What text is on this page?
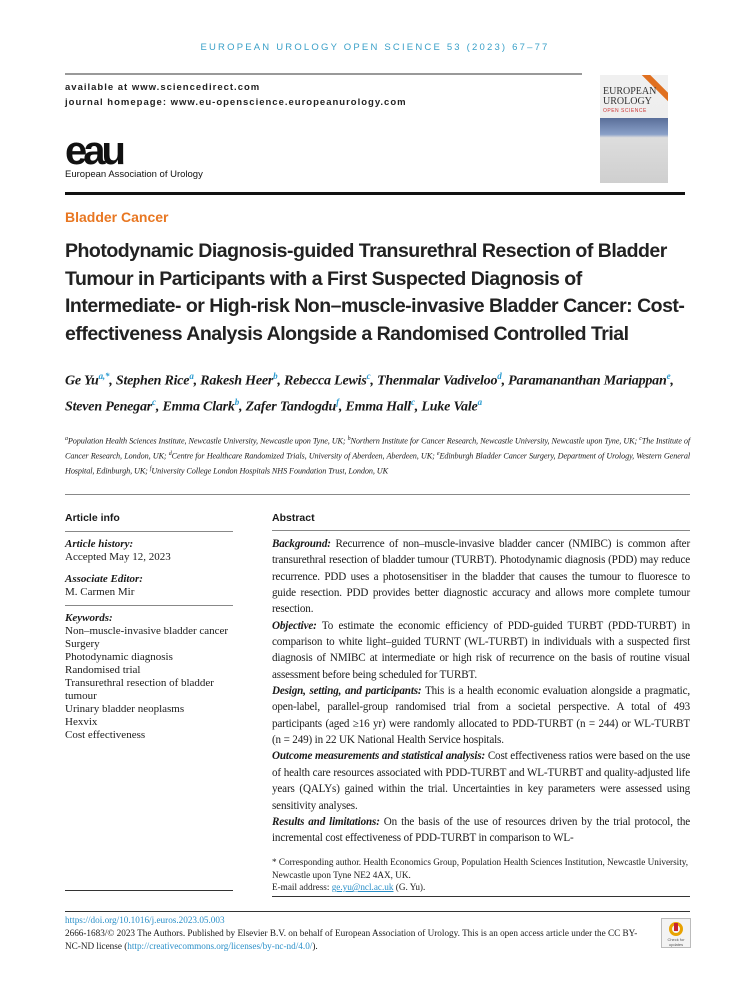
EUROPEAN UROLOGY OPEN SCIENCE 53 (2023) 67–77
available at www.sciencedirect.com
journal homepage: www.eu-openscience.europeanurology.com
eau
European Association of Urology
EUROPEAN UROLOGY
OPEN SCIENCE
Bladder Cancer
Photodynamic Diagnosis-guided Transurethral Resection of Bladder Tumour in Participants with a First Suspected Diagnosis of Intermediate- or High-risk Non–muscle-invasive Bladder Cancer: Cost-effectiveness Analysis Alongside a Randomised Controlled Trial
Ge $Yu^{a,*}$, Stephen Rice$^a$, Rakesh Heer$^b$, Rebecca Lewis$^c$, Thenmalar Vadiveloo$^d$, Paramananthan Mariappan$^e$, Steven Penegar$^c$, Emma Clark$^b$, Zafer Tandogdu$^f$, Emma Hall$^c$, Luke Vale$^a$
$^a$Population Health Sciences Institute, Newcastle University, Newcastle upon Tyne, UK; $^b$Northern Institute for Cancer Research, Newcastle University, Newcastle upon Tyne, UK; $^c$The Institute of Cancer Research, London, UK; $^d$Centre for Healthcare Randomized Trials, University of Aberdeen, Aberdeen, UK; $^e$Edinburgh Bladder Cancer Surgery, Department of Urology, Western General Hospital, Edinburgh, UK; $^f$University College London Hospitals NHS Foundation Trust, London, UK
Article info
Article history:
Accepted May 12, 2023
Associate Editor:
M. Carmen Mir
Keywords:
Non–muscle-invasive bladder cancer
Surgery
Photodynamic diagnosis
Randomised trial
Transurethral resection of bladder tumour
Urinary bladder neoplasms
Hexvix
Cost effectiveness
Abstract
Background: Recurrence of non–muscle-invasive bladder cancer (NMIBC) is common after transurethral resection of bladder tumour (TURBT). Photodynamic diagnosis (PDD) may reduce recurrence. PDD uses a photosensitiser in the bladder that causes the tumour to fluoresce to guide resection. PDD provides better diagnostic accuracy and allows more complete tumour resection.
Objective: To estimate the economic efficiency of PDD-guided TURBT (PDD-TURBT) in comparison to white light–guided TURNT (WL-TURBT) in individuals with a suspected first diagnosis of NMIBC at intermediate or high risk of recurrence on the basis of routine visual assessment before being scheduled for TURBT.
Design, setting, and participants: This is a health economic evaluation alongside a pragmatic, open-label, parallel-group randomised trial from a societal perspective. A total of 493 participants (aged ≥16 yr) were randomly allocated to PDD-TURBT (n = 244) or WL-TURBT (n = 249) in 22 UK National Health Service hospitals.
Outcome measurements and statistical analysis: Cost effectiveness ratios were based on the use of health care resources associated with PDD-TURBT and WL-TURBT and quality-adjusted life years (QALYs) gained within the trial. Uncertainties in key parameters were assessed using sensitivity analyses.
Results and limitations: On the basis of the use of resources driven by the trial protocol, the incremental cost effectiveness of PDD-TURBT in comparison to WL-
* Corresponding author. Health Economics Group, Population Health Sciences Institution, Newcastle University, Newcastle upon Tyne NE2 4AX, UK.
E-mail address: ge.yu@ncl.ac.uk (G. Yu).
https://doi.org/10.1016/j.euros.2023.05.003
2666-1683/© 2023 The Authors. Published by Elsevier B.V. on behalf of European Association of Urology. This is an open access article under the CC BY-NC-ND license (http://creativecommons.org/licenses/by-nc-nd/4.0/).
Check for updates
